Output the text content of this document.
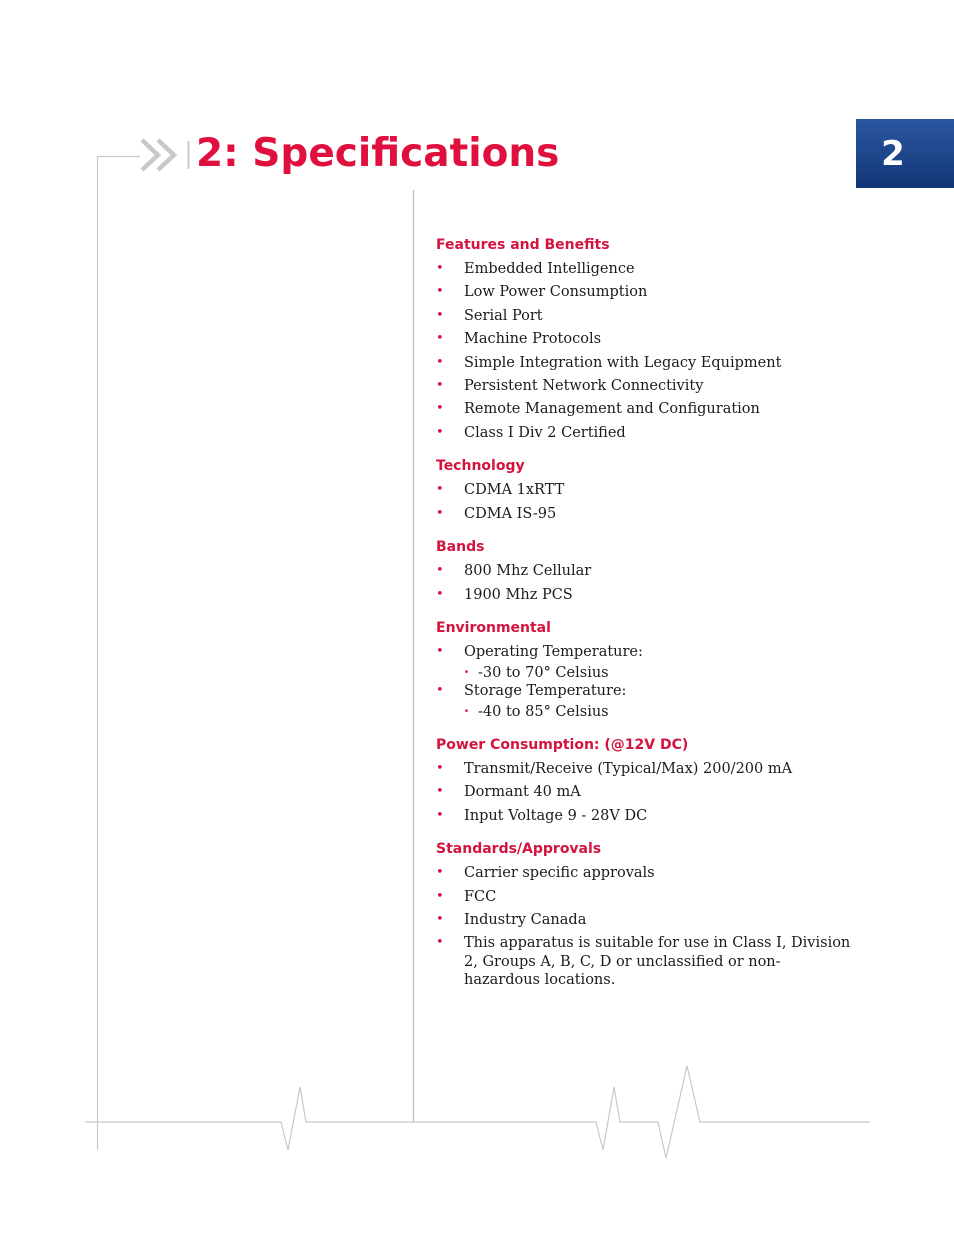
2
2: Specifications
Features and Benefits
• Embedded Intelligence
• Low Power Consumption
• Serial Port
• Machine Protocols
• Simple Integration with Legacy Equipment
• Persistent Network Connectivity
• Remote Management and Configuration
• Class I Div 2 Certified
Technology
• CDMA 1xRTT
• CDMA IS-95
Bands
• 800 Mhz Cellular
• 1900 Mhz PCS
Environmental
• Operating Temperature:
· -30 to 70° Celsius
• Storage Temperature:
· -40 to 85° Celsius
Power Consumption: (@12V DC)
• Transmit/Receive (Typical/Max) 200/200 mA
• Dormant 40 mA
• Input Voltage 9 - 28V DC
Standards/Approvals
• Carrier specific approvals
• FCC
• Industry Canada
• This apparatus is suitable for use in Class I, Division 2, Groups A, B, C, D or unclassified or non-hazardous locations.
